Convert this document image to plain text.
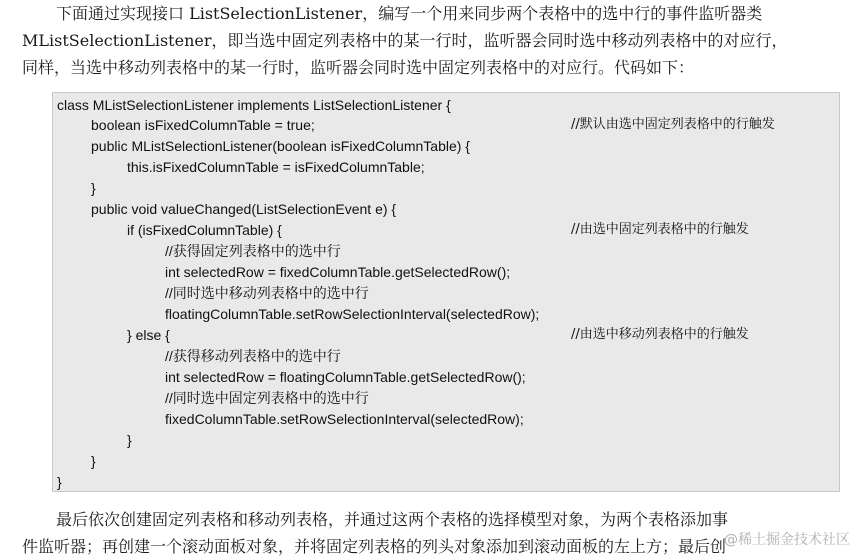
下面通过实现接口 ListSelectionListener，编写一个用来同步两个表格中的选中行的事件监听器类
MListSelectionListener，即当选中固定列表格中的某一行时，监听器会同时选中移动列表格中的对应行，
同样，当选中移动列表格中的某一行时，监听器会同时选中固定列表格中的对应行。代码如下：
class MListSelectionListener implements ListSelectionListener {
boolean isFixedColumnTable = true;	//默认由选中固定列表格中的行触发
public MListSelectionListener(boolean isFixedColumnTable) {
this.isFixedColumnTable = isFixedColumnTable;
}
public void valueChanged(ListSelectionEvent e) {
if (isFixedColumnTable) {	//由选中固定列表格中的行触发
//获得固定列表格中的选中行
int selectedRow = fixedColumnTable.getSelectedRow();
//同时选中移动列表格中的选中行
floatingColumnTable.setRowSelectionInterval(selectedRow);
} else {	//由选中移动列表格中的行触发
//获得移动列表格中的选中行
int selectedRow = floatingColumnTable.getSelectedRow();
//同时选中固定列表格中的选中行
fixedColumnTable.setRowSelectionInterval(selectedRow);
}
}
}
最后依次创建固定列表格和移动列表格，并通过这两个表格的选择模型对象，为两个表格添加事
件监听器；再创建一个滚动面板对象，并将固定列表格的列头对象添加到滚动面板的左上方；最后创
@稀土掘金技术社区
